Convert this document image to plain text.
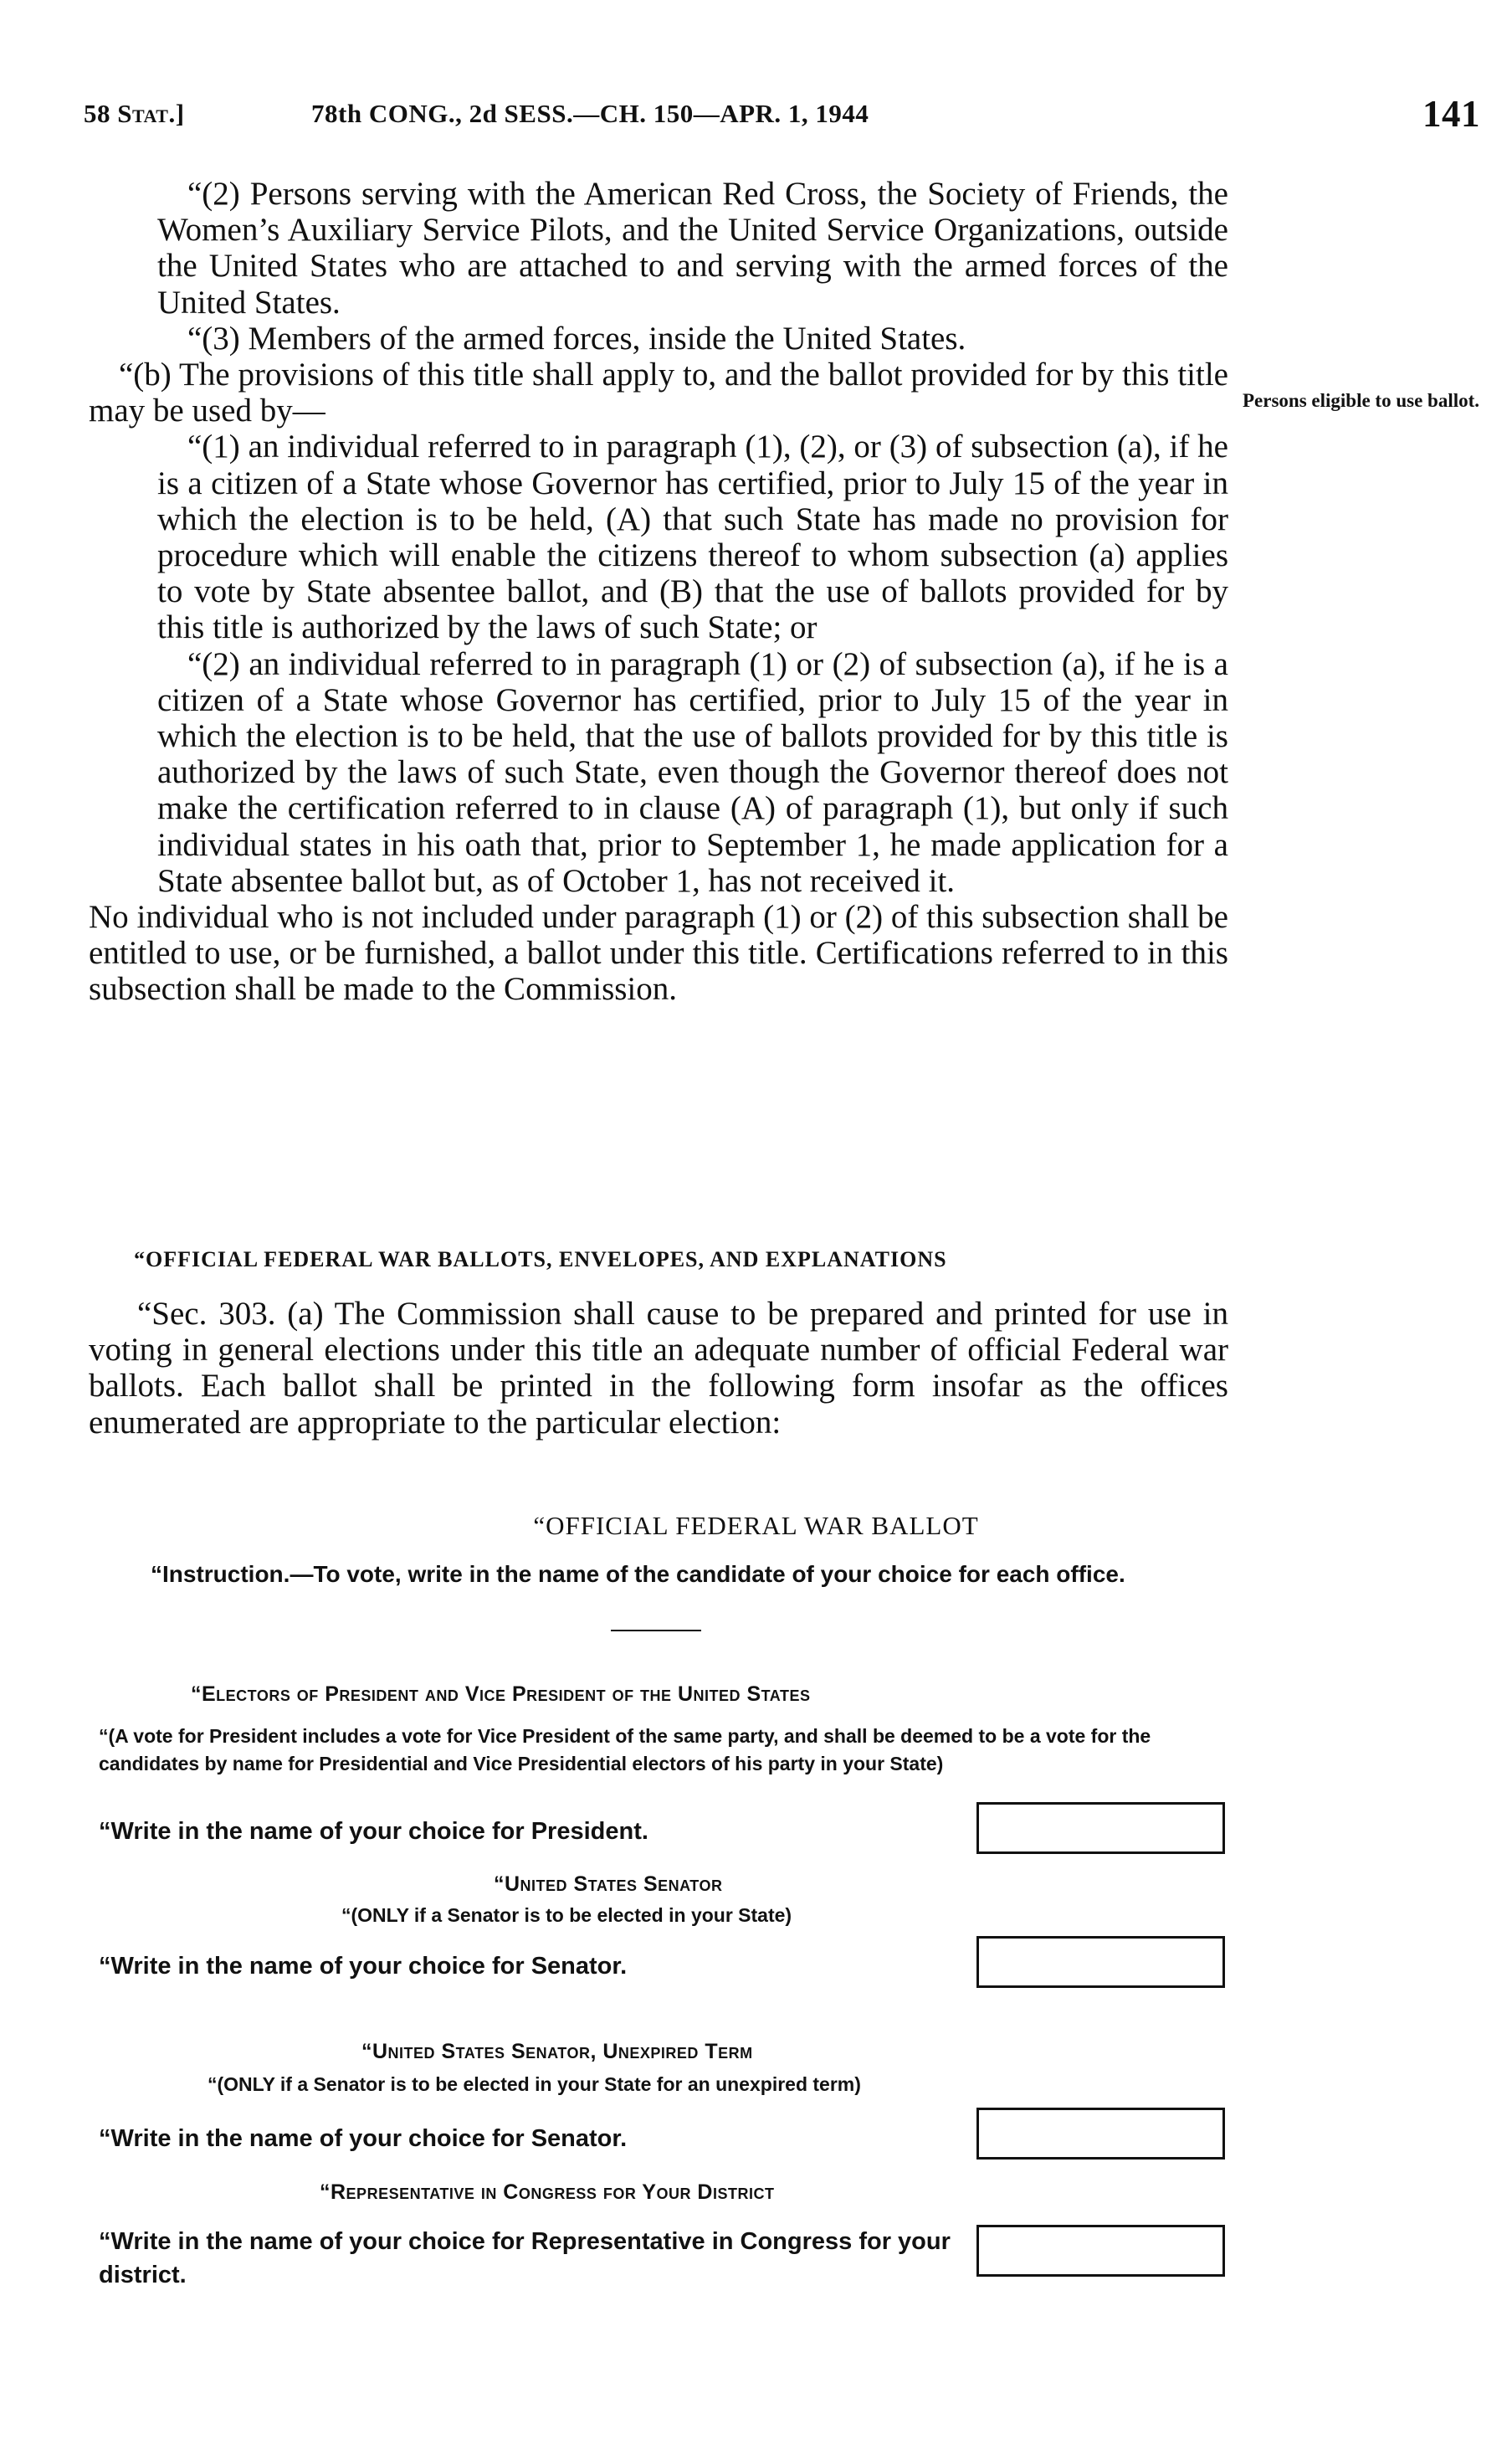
58 Stat.]	78th CONG., 2d SESS.—CH. 150—APR. 1, 1944	141

“(2) Persons serving with the American Red Cross, the Society of Friends, the Women’s Auxiliary Service Pilots, and the United Service Organizations, outside the United States who are attached to and serving with the armed forces of the United States.

“(3) Members of the armed forces, inside the United States.

“(b) The provisions of this title shall apply to, and the ballot provided for by this title may be used by—

“(1) an individual referred to in paragraph (1), (2), or (3) of subsection (a), if he is a citizen of a State whose Governor has certified, prior to July 15 of the year in which the election is to be held, (A) that such State has made no provision for procedure which will enable the citizens thereof to whom subsection (a) applies to vote by State absentee ballot, and (B) that the use of ballots provided for by this title is authorized by the laws of such State; or

“(2) an individual referred to in paragraph (1) or (2) of subsection (a), if he is a citizen of a State whose Governor has certified, prior to July 15 of the year in which the election is to be held, that the use of ballots provided for by this title is authorized by the laws of such State, even though the Governor thereof does not make the certification referred to in clause (A) of paragraph (1), but only if such individual states in his oath that, prior to September 1, he made application for a State absentee ballot but, as of October 1, has not received it.

No individual who is not included under paragraph (1) or (2) of this subsection shall be entitled to use, or be furnished, a ballot under this title. Certifications referred to in this subsection shall be made to the Commission.

Persons eligible to use ballot.
“OFFICIAL FEDERAL WAR BALLOTS, ENVELOPES, AND EXPLANATIONS

“Sec. 303. (a) The Commission shall cause to be prepared and printed for use in voting in general elections under this title an adequate number of official Federal war ballots. Each ballot shall be printed in the following form insofar as the offices enumerated are appropriate to the particular election:

“OFFICIAL FEDERAL WAR BALLOT
“Instruction.—To vote, write in the name of the candidate of your choice for each office.
“Electors of President and Vice President of the United States
“(A vote for President includes a vote for Vice President of the same party, and shall be deemed to be a vote for the candidates by name for Presidential and Vice Presidential electors of his party in your State)
“Write in the name of your choice for President.
“United States Senator
“(ONLY if a Senator is to be elected in your State)
“Write in the name of your choice for Senator.
“United States Senator, Unexpired Term
“(ONLY if a Senator is to be elected in your State for an unexpired term)
“Write in the name of your choice for Senator.
“Representative in Congress for Your District
“Write in the name of your choice for Representative in Congress for your district.
